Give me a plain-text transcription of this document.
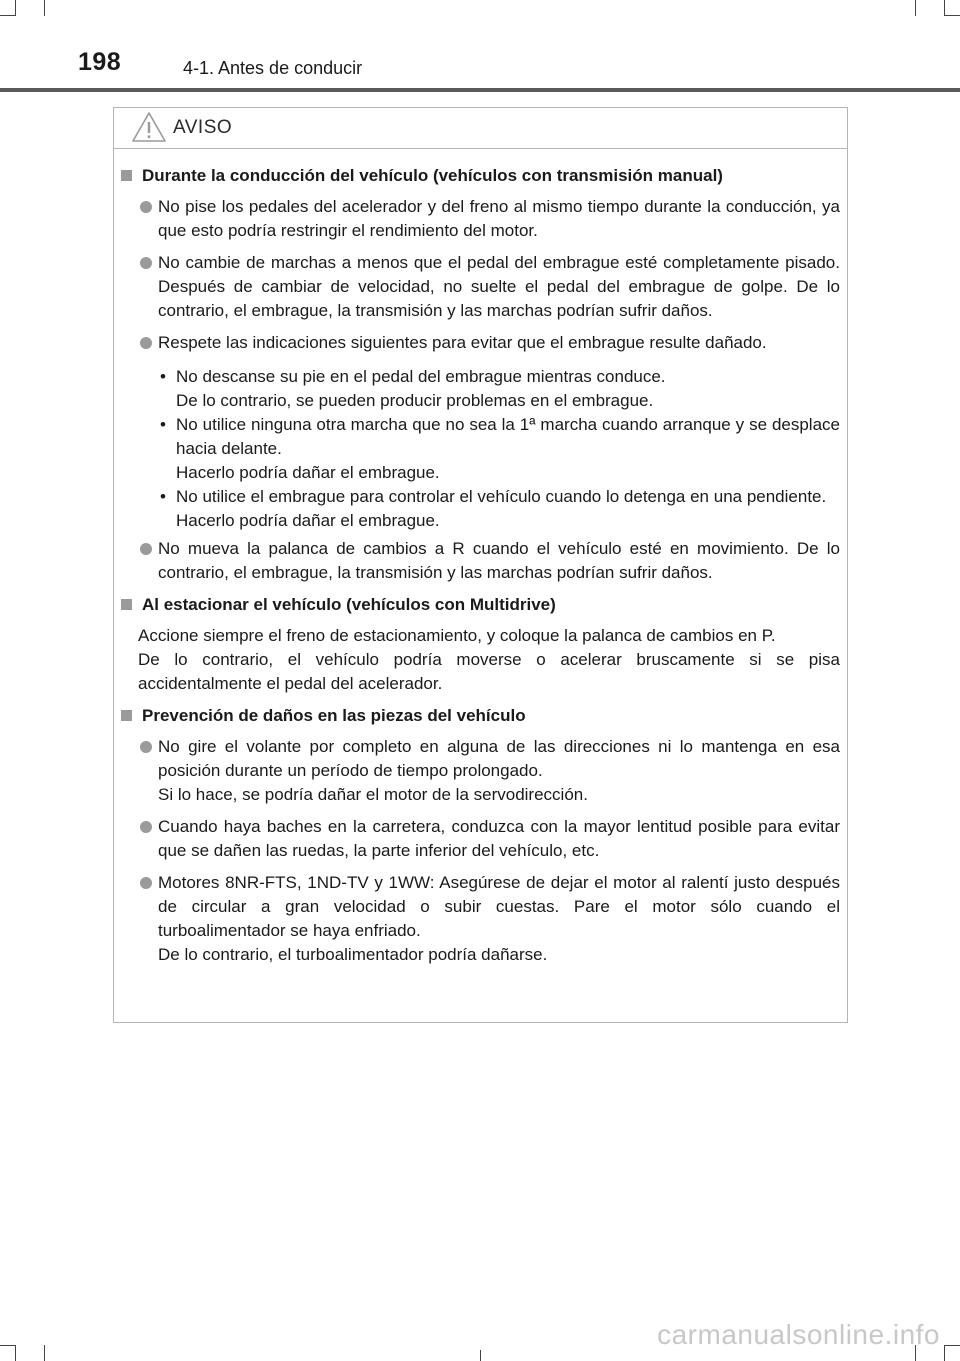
198	4-1. Antes de conducir
AVISO
Durante la conducción del vehículo (vehículos con transmisión manual)
No pise los pedales del acelerador y del freno al mismo tiempo durante la conducción, ya que esto podría restringir el rendimiento del motor.
No cambie de marchas a menos que el pedal del embrague esté completamente pisado. Después de cambiar de velocidad, no suelte el pedal del embrague de golpe. De lo contrario, el embrague, la transmisión y las marchas podrían sufrir daños.
Respete las indicaciones siguientes para evitar que el embrague resulte dañado.
• No descanse su pie en el pedal del embrague mientras conduce.
De lo contrario, se pueden producir problemas en el embrague.
• No utilice ninguna otra marcha que no sea la 1ª marcha cuando arranque y se desplace hacia delante.
Hacerlo podría dañar el embrague.
• No utilice el embrague para controlar el vehículo cuando lo detenga en una pendiente.
Hacerlo podría dañar el embrague.
No mueva la palanca de cambios a R cuando el vehículo esté en movimiento. De lo contrario, el embrague, la transmisión y las marchas podrían sufrir daños.
Al estacionar el vehículo (vehículos con Multidrive)
Accione siempre el freno de estacionamiento, y coloque la palanca de cambios en P.
De lo contrario, el vehículo podría moverse o acelerar bruscamente si se pisa accidentalmente el pedal del acelerador.
Prevención de daños en las piezas del vehículo
No gire el volante por completo en alguna de las direcciones ni lo mantenga en esa posición durante un período de tiempo prolongado.
Si lo hace, se podría dañar el motor de la servodirección.
Cuando haya baches en la carretera, conduzca con la mayor lentitud posible para evitar que se dañen las ruedas, la parte inferior del vehículo, etc.
Motores 8NR-FTS, 1ND-TV y 1WW: Asegúrese de dejar el motor al ralentí justo después de circular a gran velocidad o subir cuestas. Pare el motor sólo cuando el turboalimentador se haya enfriado.
De lo contrario, el turboalimentador podría dañarse.
carmanualsonline.info
